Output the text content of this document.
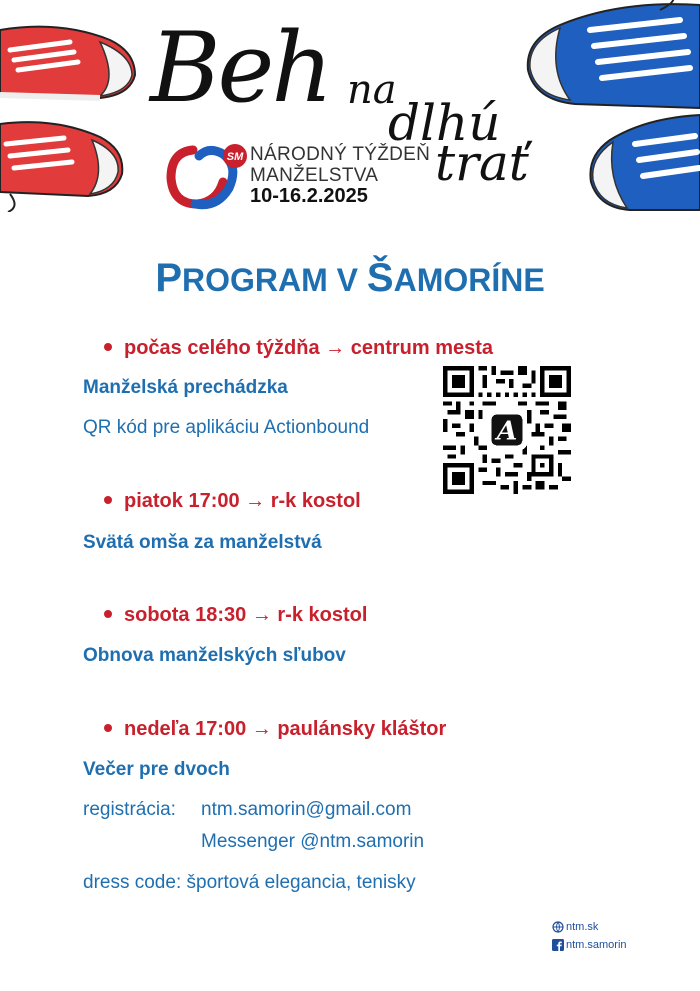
Beh na
dlhú
trať
SM NÁRODNÝ TÝŽDEŇ
MANŽELSTVA
10-16.2.2025
PROGRAM V ŠAMORÍNE
počas celého týždňa → centrum mesta
Manželská prechádzka
QR kód pre aplikáciu Actionbound	A
piatok 17:00 → r-k kostol
Svätá omša za manželstvá
sobota 18:30 → r-k kostol
Obnova manželských sľubov
nedeľa 17:00 → paulánsky kláštor
Večer pre dvoch
registrácia: ntm.samorin@gmail.com
Messenger @ntm.samorin
dress code: športová elegancia, tenisky
ntm.sk
ntm.samorin
